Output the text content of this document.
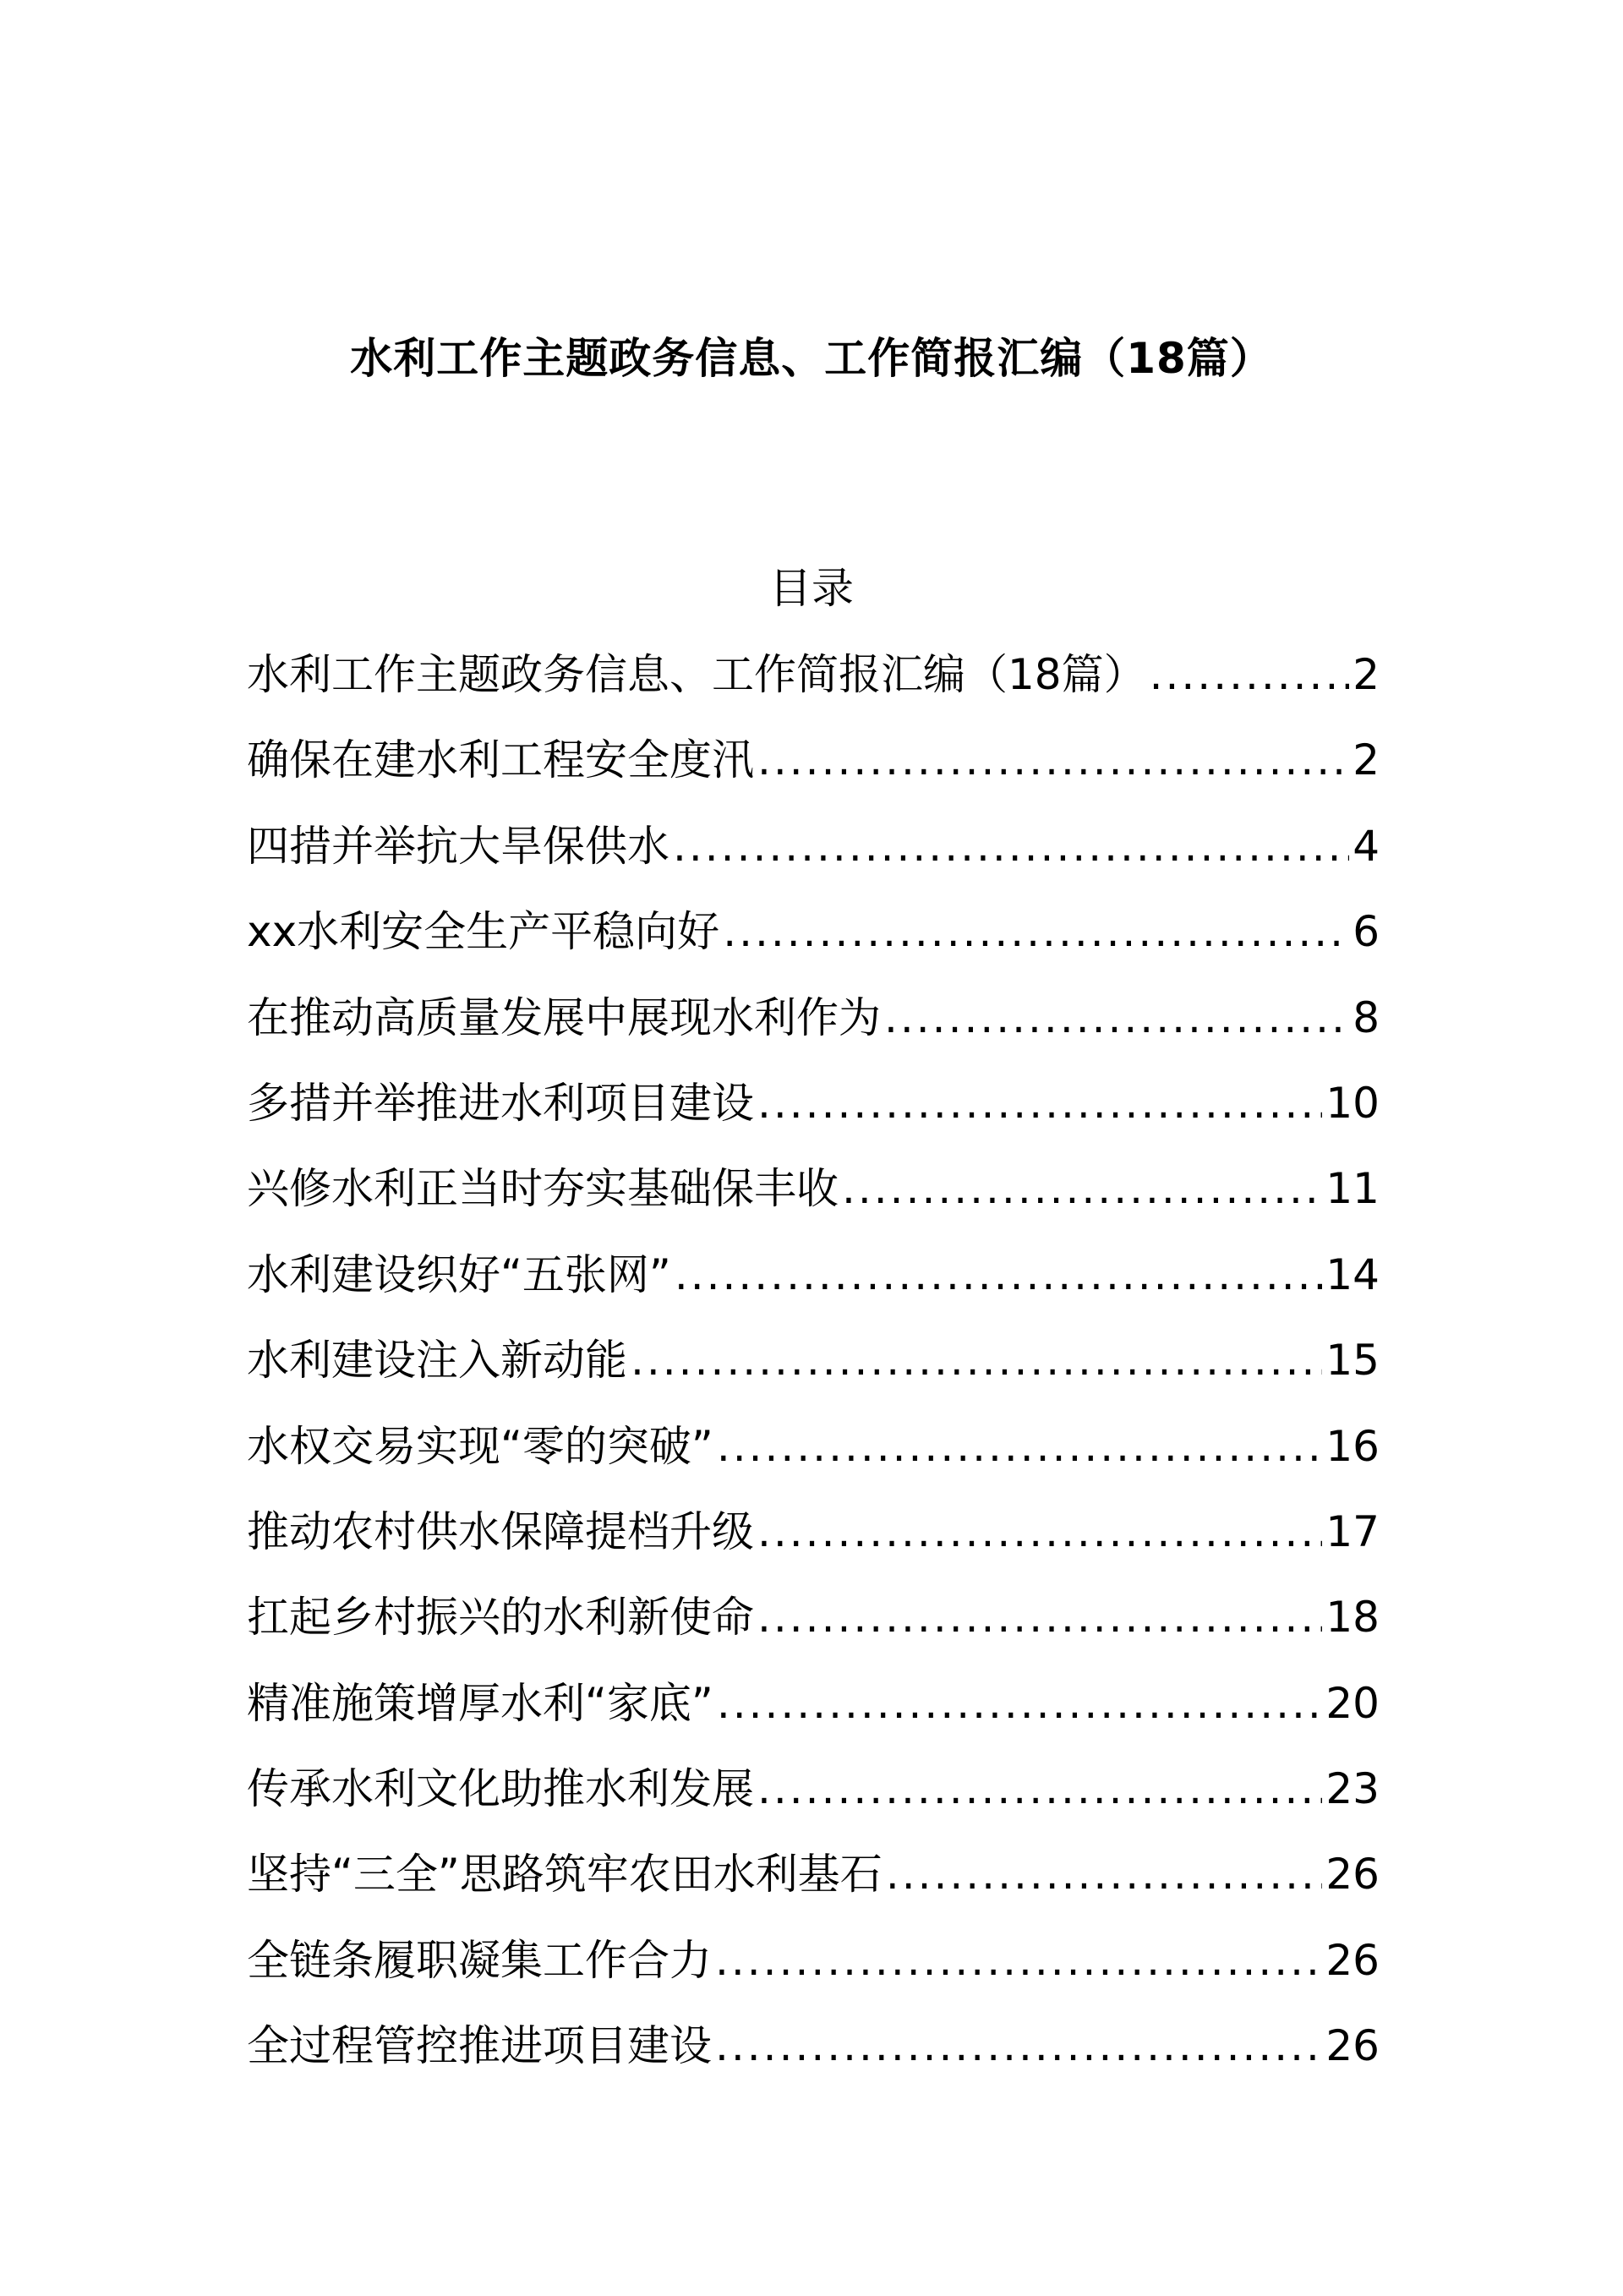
水利工作主题政务信息、工作简报汇编（18篇）
目录
水利工作主题政务信息、工作简报汇编（18篇） .....	2
确保在建水利工程安全度汛 .....	2
四措并举抗大旱保供水 .....	4
xx水利安全生产平稳向好 .....	6
在推动高质量发展中展现水利作为 .....	8
多措并举推进水利项目建设 .....	10
兴修水利正当时夯实基础保丰收 .....	11
水利建设织好“五张网” .....	14
水利建设注入新动能 .....	15
水权交易实现“零的突破” .....	16
推动农村供水保障提档升级 .....	17
扛起乡村振兴的水利新使命 .....	18
精准施策增厚水利“家底” .....	20
传承水利文化助推水利发展 .....	23
坚持“三全”思路筑牢农田水利基石 .....	26
全链条履职凝集工作合力 .....	26
全过程管控推进项目建设 .....	26
